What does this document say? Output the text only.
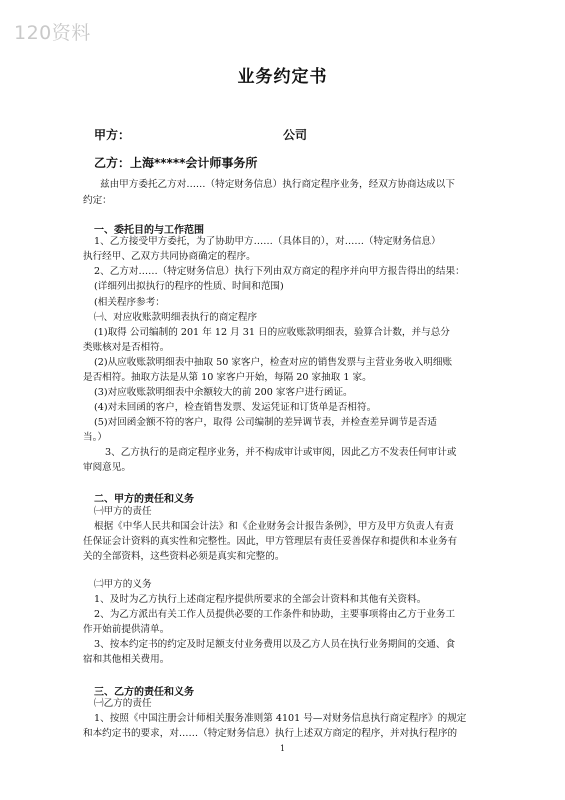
120资料
业务约定书
甲方：	公司
乙方：上海*****会计师事务所
兹由甲方委托乙方对……（特定财务信息）执行商定程序业务，经双方协商达成以下
约定：
一、委托目的与工作范围
1、乙方接受甲方委托，为了协助甲方……（具体目的），对……（特定财务信息）
执行经甲、乙双方共同协商确定的程序。
2、乙方对……（特定财务信息）执行下列由双方商定的程序并向甲方报告得出的结果：
(详细列出拟执行的程序的性质、时间和范围)
(相关程序参考：
㈠、对应收账款明细表执行的商定程序
(1)取得 公司编制的 201 年 12 月 31 日的应收账款明细表，验算合计数，并与总分
类账核对是否相符。
(2)从应收账款明细表中抽取 50 家客户，检查对应的销售发票与主营业务收入明细账
是否相符。抽取方法是从第 10 家客户开始，每隔 20 家抽取 1 家。
(3)对应收账款明细表中余额较大的前 200 家客户进行函证。
(4)对未回函的客户，检查销售发票、发运凭证和订货单是否相符。
(5)对回函金额不符的客户，取得 公司编制的差异调节表，并检查差异调节是否适
当。）
3、乙方执行的是商定程序业务，并不构成审计或审阅，因此乙方不发表任何审计或
审阅意见。
二、甲方的责任和义务
㈠甲方的责任
根据《中华人民共和国会计法》和《企业财务会计报告条例》，甲方及甲方负责人有责
任保证会计资料的真实性和完整性。因此，甲方管理层有责任妥善保存和提供和本业务有
关的全部资料，这些资料必须是真实和完整的。
㈡甲方的义务
1、及时为乙方执行上述商定程序提供所要求的全部会计资料和其他有关资料。
2、为乙方派出有关工作人员提供必要的工作条件和协助，主要事项将由乙方于业务工
作开始前提供清单。
3、按本约定书的约定及时足额支付业务费用以及乙方人员在执行业务期间的交通、食
宿和其他相关费用。
三、乙方的责任和义务
㈠乙方的责任
1、按照《中国注册会计师相关服务准则第 4101 号—对财务信息执行商定程序》的规定
和本约定书的要求，对……（特定财务信息）执行上述双方商定的程序，并对执行程序的
1
